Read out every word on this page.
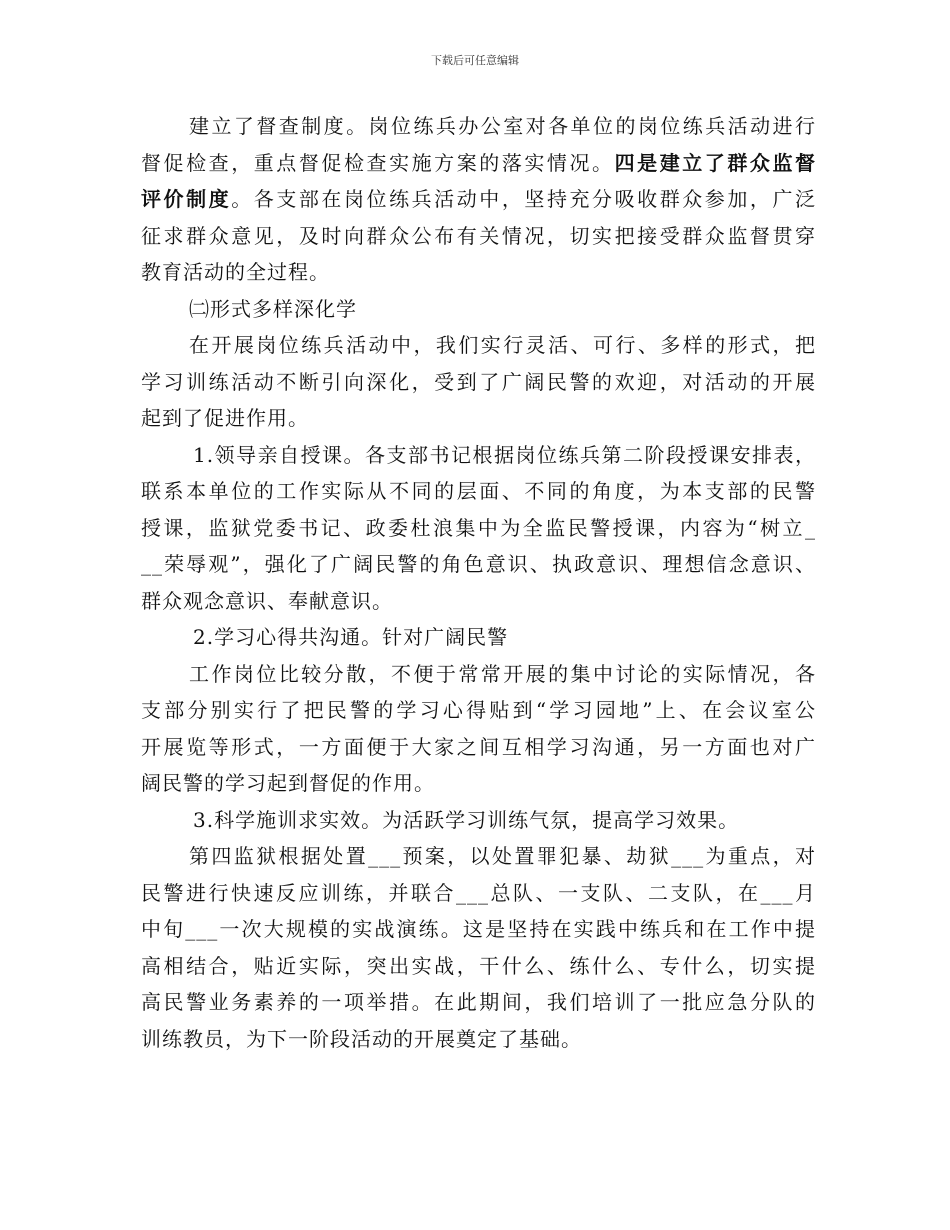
下载后可任意编辑
建立了督查制度。岗位练兵办公室对各单位的岗位练兵活动进行
督促检查，重点督促检查实施方案的落实情况。四是建立了群众监督
评价制度。各支部在岗位练兵活动中，坚持充分吸收群众参加，广泛
征求群众意见，及时向群众公布有关情况，切实把接受群众监督贯穿
教育活动的全过程。
㈡形式多样深化学
在开展岗位练兵活动中，我们实行灵活、可行、多样的形式，把
学习训练活动不断引向深化，受到了广阔民警的欢迎，对活动的开展
起到了促进作用。
1.领导亲自授课。各支部书记根据岗位练兵第二阶段授课安排表，
联系本单位的工作实际从不同的层面、不同的角度，为本支部的民警
授课，监狱党委书记、政委杜浪集中为全监民警授课，内容为“树立_
__荣辱观”，强化了广阔民警的角色意识、执政意识、理想信念意识、
群众观念意识、奉献意识。
2.学习心得共沟通。针对广阔民警
工作岗位比较分散，不便于常常开展的集中讨论的实际情况，各
支部分别实行了把民警的学习心得贴到“学习园地”上、在会议室公
开展览等形式，一方面便于大家之间互相学习沟通，另一方面也对广
阔民警的学习起到督促的作用。
3.科学施训求实效。为活跃学习训练气氛，提高学习效果。
第四监狱根据处置___预案，以处置罪犯暴、劫狱___为重点，对
民警进行快速反应训练，并联合___总队、一支队、二支队，在___月
中旬___一次大规模的实战演练。这是坚持在实践中练兵和在工作中提
高相结合，贴近实际，突出实战，干什么、练什么、专什么，切实提
高民警业务素养的一项举措。在此期间，我们培训了一批应急分队的
训练教员，为下一阶段活动的开展奠定了基础。
